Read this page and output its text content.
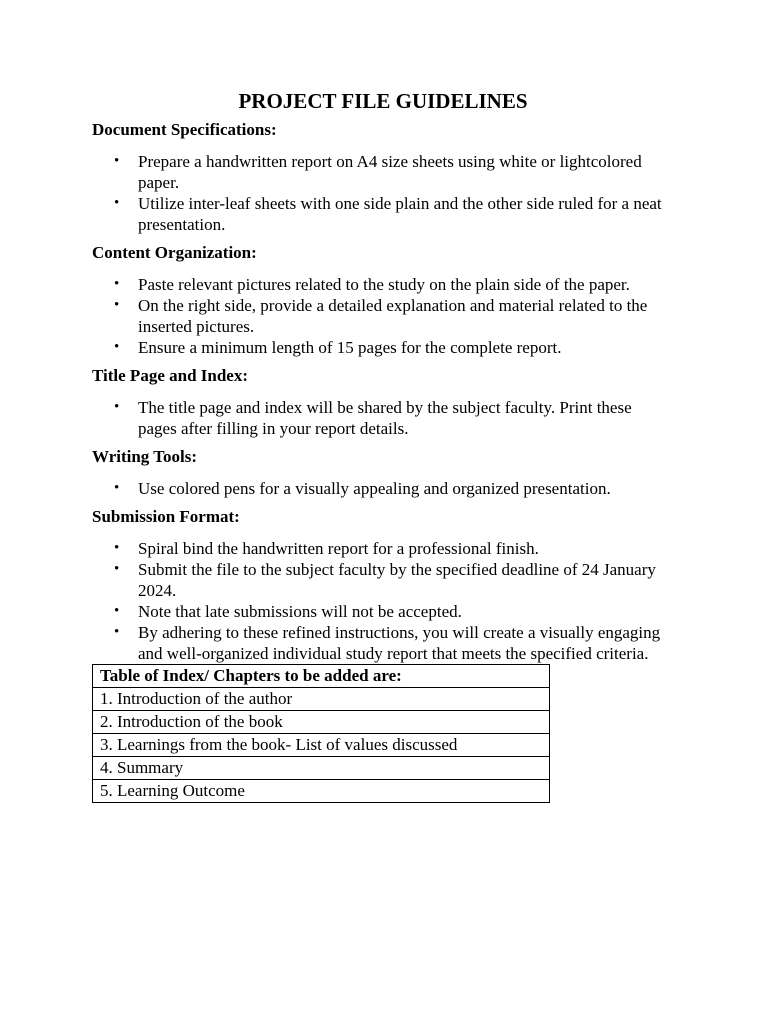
PROJECT FILE GUIDELINES
Document Specifications:
• Prepare a handwritten report on A4 size sheets using white or lightcolored paper.
• Utilize inter-leaf sheets with one side plain and the other side ruled for a neat presentation.
Content Organization:
• Paste relevant pictures related to the study on the plain side of the paper.
• On the right side, provide a detailed explanation and material related to the inserted pictures.
• Ensure a minimum length of 15 pages for the complete report.
Title Page and Index:
• The title page and index will be shared by the subject faculty. Print these pages after filling in your report details.
Writing Tools:
• Use colored pens for a visually appealing and organized presentation.
Submission Format:
• Spiral bind the handwritten report for a professional finish.
• Submit the file to the subject faculty by the specified deadline of 24 January 2024.
• Note that late submissions will not be accepted.
• By adhering to these refined instructions, you will create a visually engaging and well-organized individual study report that meets the specified criteria.
Table of Index/ Chapters to be added are:
1. Introduction of the author
2. Introduction of the book
3. Learnings from the book- List of values discussed
4. Summary
5. Learning Outcome
